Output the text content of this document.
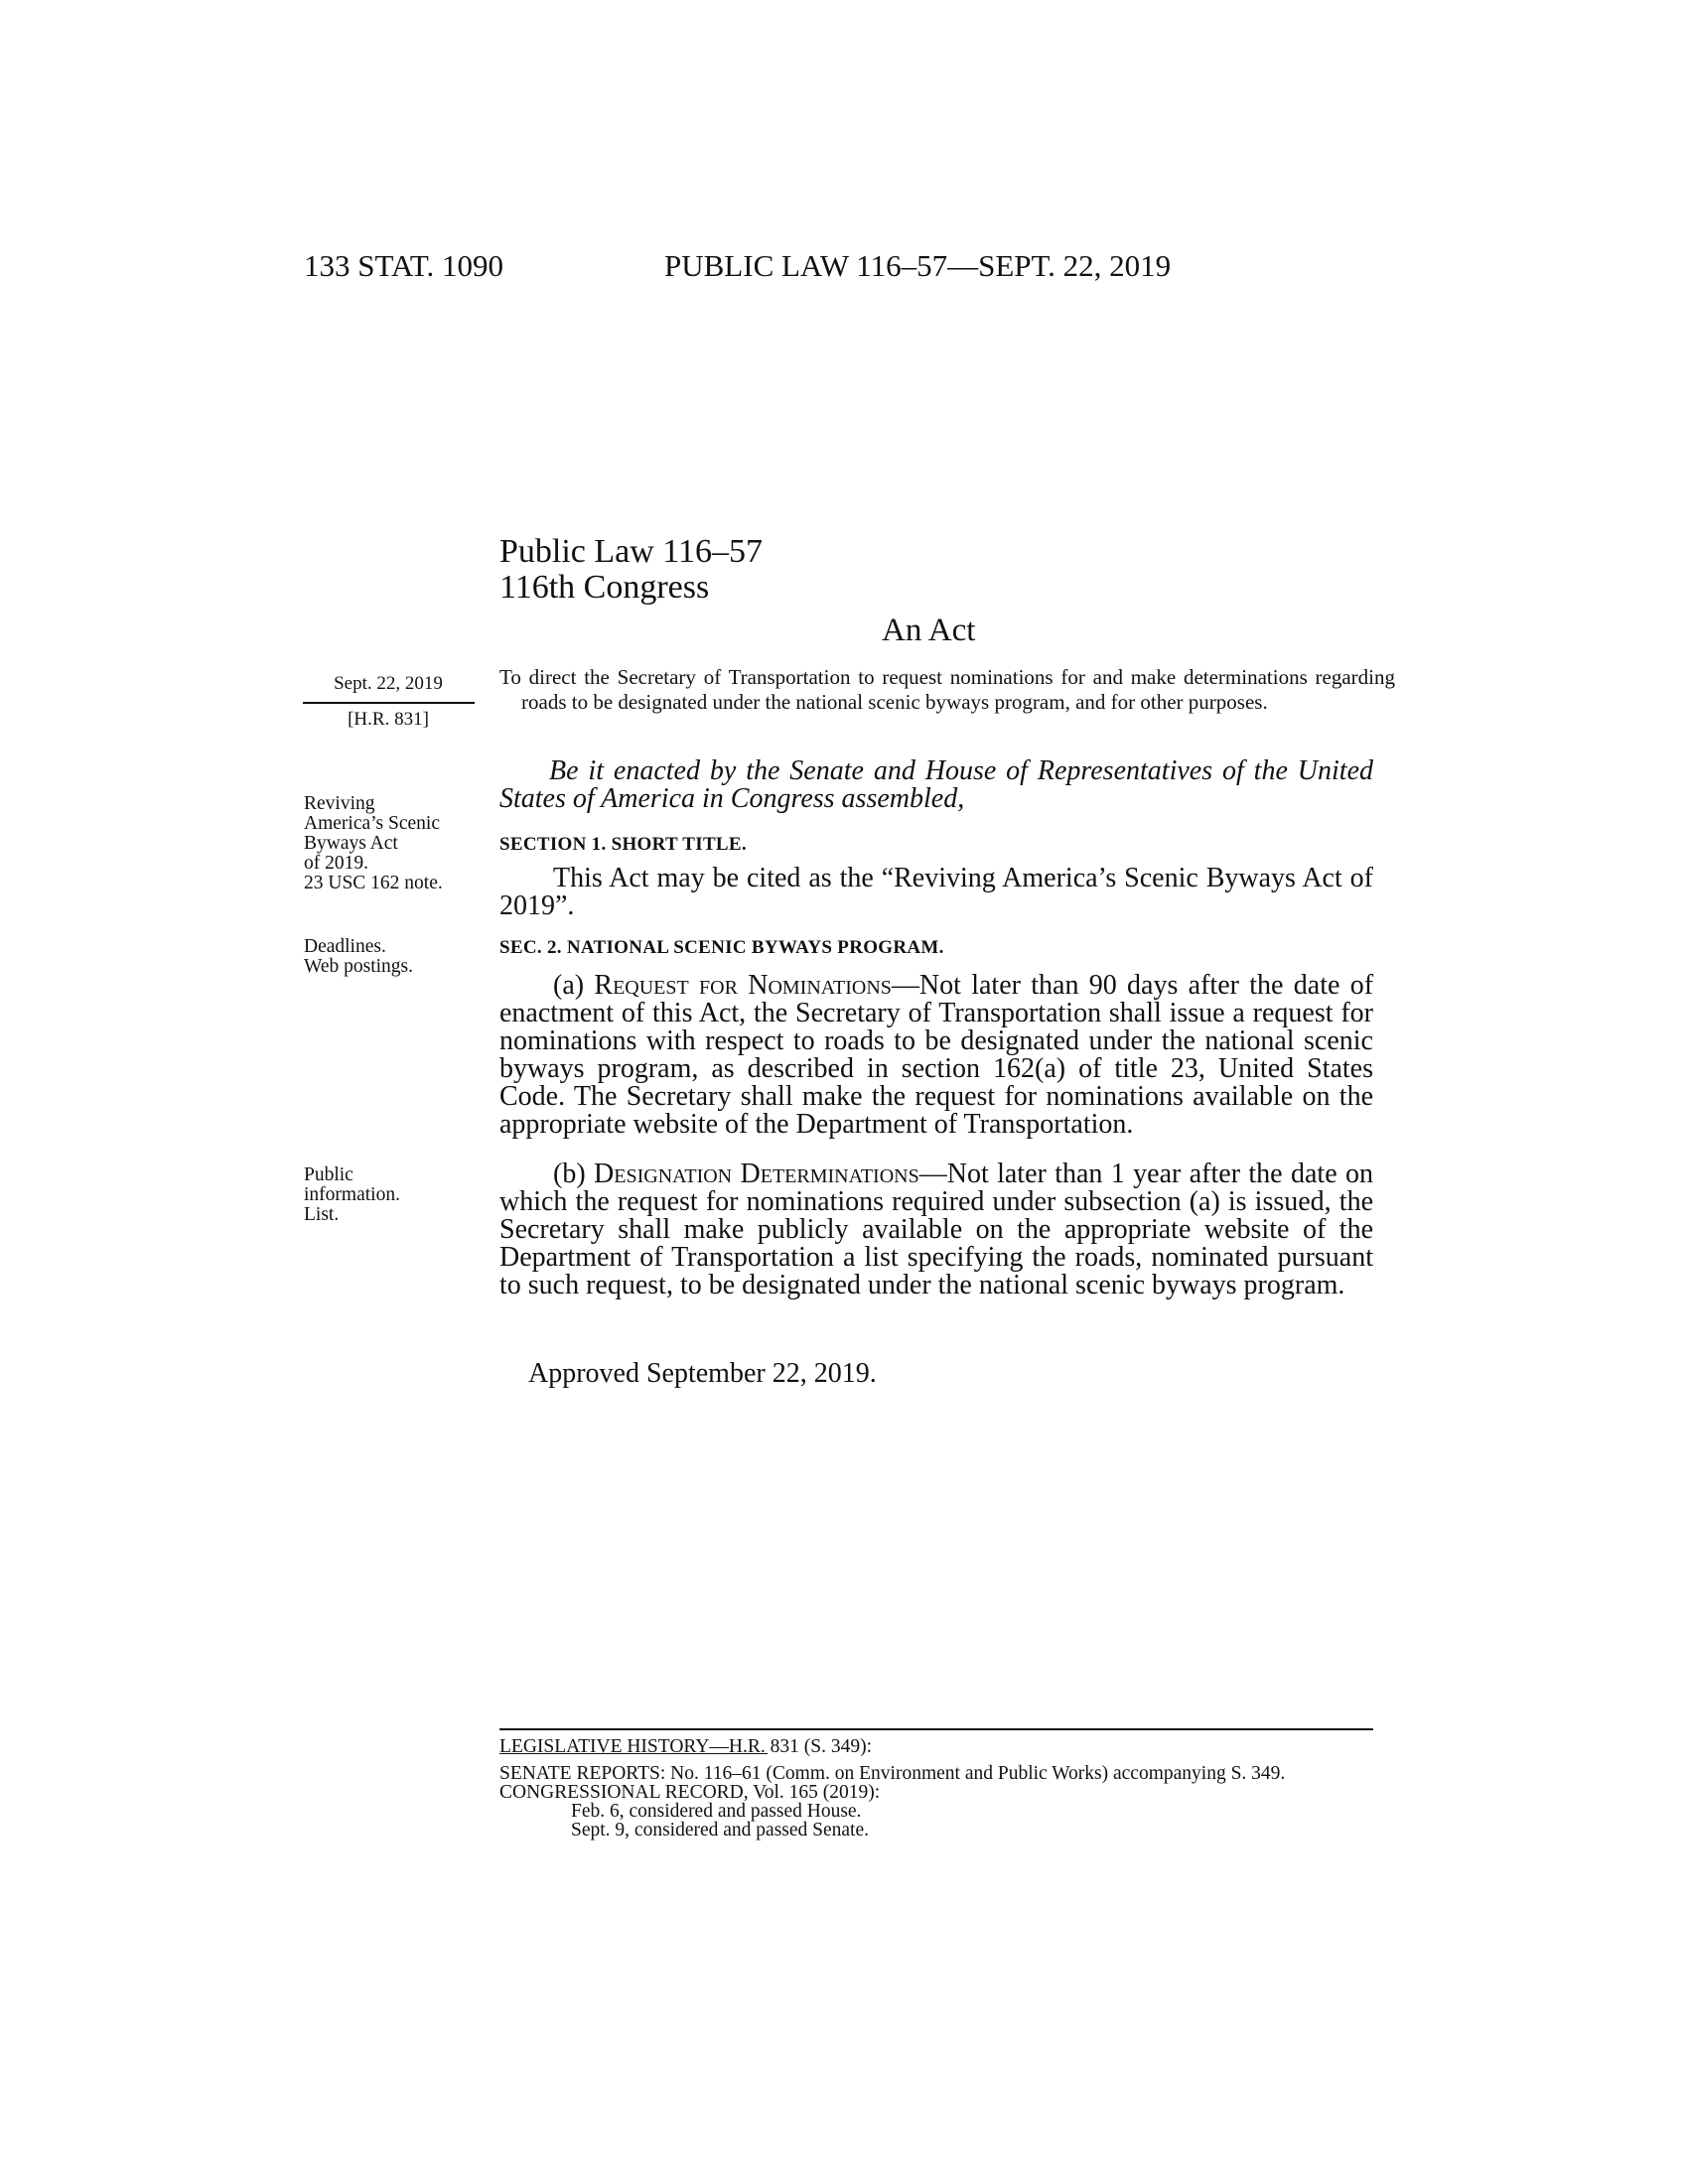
133 STAT. 1090	PUBLIC LAW 116–57—SEPT. 22, 2019
Public Law 116–57
116th Congress
An Act
Sept. 22, 2019
[H.R. 831]
To direct the Secretary of Transportation to request nominations for and make determinations regarding roads to be designated under the national scenic byways program, and for other purposes.
Be it enacted by the Senate and House of Representatives of the United States of America in Congress assembled,
Reviving
America’s Scenic
Byways Act
of 2019.
23 USC 162 note.
SECTION 1. SHORT TITLE.
This Act may be cited as the “Reviving America’s Scenic Byways Act of 2019”.
Deadlines.
Web postings.
SEC. 2. NATIONAL SCENIC BYWAYS PROGRAM.
(a) Request for Nominations—Not later than 90 days after the date of enactment of this Act, the Secretary of Transportation shall issue a request for nominations with respect to roads to be designated under the national scenic byways program, as described in section 162(a) of title 23, United States Code. The Secretary shall make the request for nominations available on the appropriate website of the Department of Transportation.
Public
information.
List.
(b) Designation Determinations—Not later than 1 year after the date on which the request for nominations required under subsection (a) is issued, the Secretary shall make publicly available on the appropriate website of the Department of Transportation a list specifying the roads, nominated pursuant to such request, to be designated under the national scenic byways program.
Approved September 22, 2019.
LEGISLATIVE HISTORY—H.R. 831 (S. 349):
SENATE REPORTS: No. 116–61 (Comm. on Environment and Public Works) accompanying S. 349.
CONGRESSIONAL RECORD, Vol. 165 (2019):
Feb. 6, considered and passed House.
Sept. 9, considered and passed Senate.
